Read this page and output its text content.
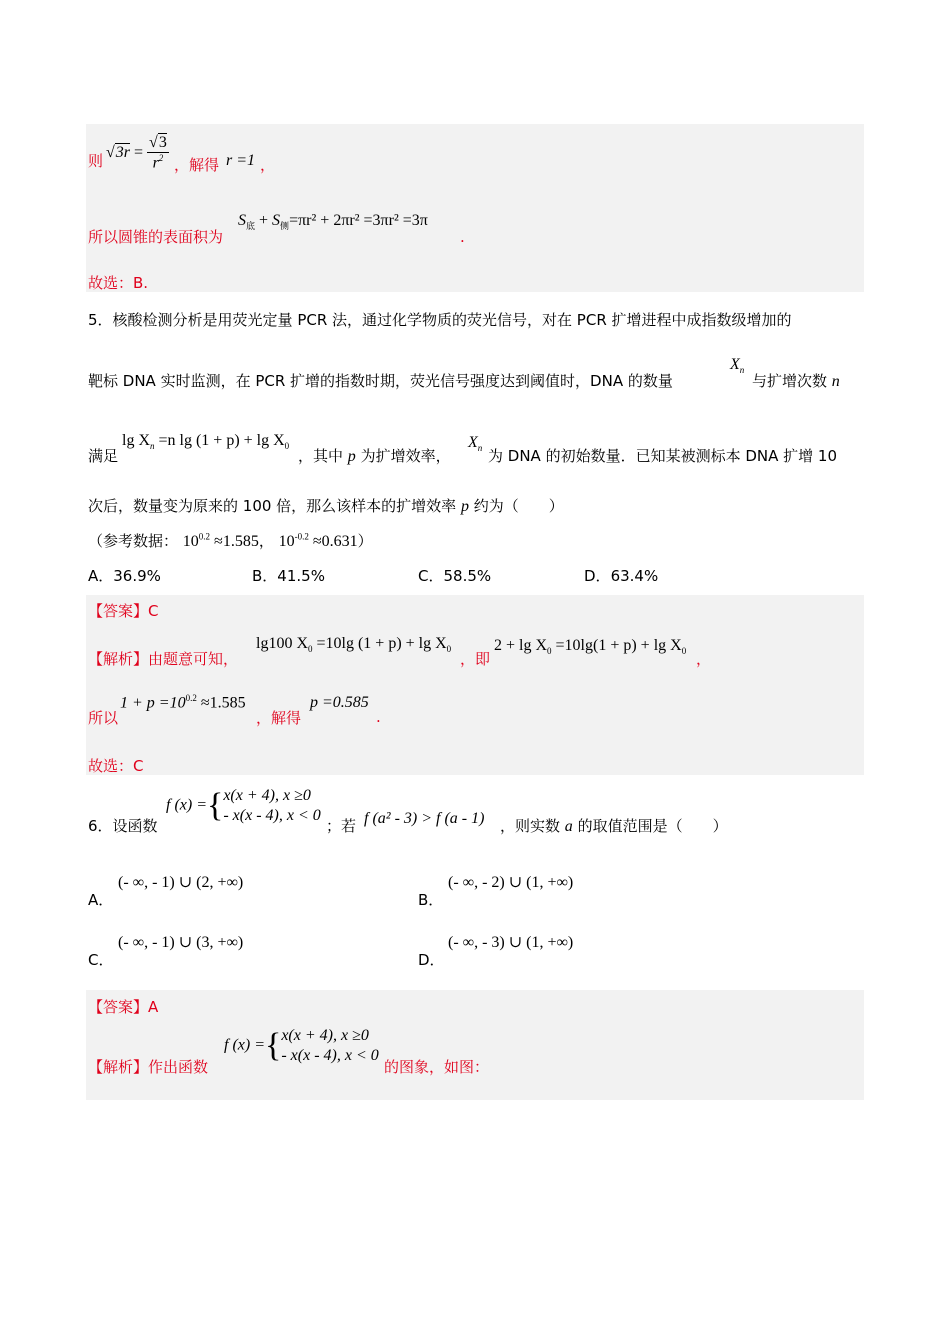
则 $√3r = \frac{√3}{r^2}$ ，解得 r =1 ，
所以圆锥的表面积为
$S_底 + S_侧=\pi r^2 + 2\pi r^2 =3\pi r^2 =3\pi$
.
故选：B.
5．核酸检测分析是用荧光定量 PCR 法，通过化学物质的荧光信号，对在 PCR 扩增进程中成指数级增加的
靶标 DNA 实时监测，在 PCR 扩增的指数时期，荧光信号强度达到阈值时，DNA 的数量
$X_n$
与扩增次数 n
满足
$\lg X_n =n$ $\lg (1 + p) + \lg X_0$
，其中 p 为扩增效率，
$X_n$ 为 DNA 的初始数量．已知某被测标本 DNA 扩增 10
次后，数量变为原来的 100 倍，那么该样本的扩增效率 p 约为（　　）
（参考数据： $10^{0.2} \approx 1.585$， $10^{-0.2} \approx 0.631$）
A．36.9%	B．41.5%	C．58.5%	D．63.4%
【答案】C
【解析】由题意可知，
lg100 $X_0 =10\lg$ $(1 + p) + \lg X_0$
，即
$2 + \lg X_0 =10\lg(1 + p) + \lg X_0$ ，
所以
$1 + p =10^{0.2} \approx 1.585$
，解得
p =0.585
.
故选：C
6．设函数
f (x) ={ x(x + 4), x ≥0
- x(x - 4), x < 0
；若 f (a² - 3) > f (a - 1) ，则实数 a 的取值范围是（　　）
A．
(- ∞, - 1) ∪ (2, +∞)
B．
(- ∞, - 2) ∪ (1, +∞)
C．
(- ∞, - 1) ∪ (3, +∞)
D．
(- ∞, - 3) ∪ (1, +∞)
【答案】A
【解析】作出函数
f (x) ={ x(x + 4), x ≥0
- x(x - 4), x < 0
的图象，如图：
